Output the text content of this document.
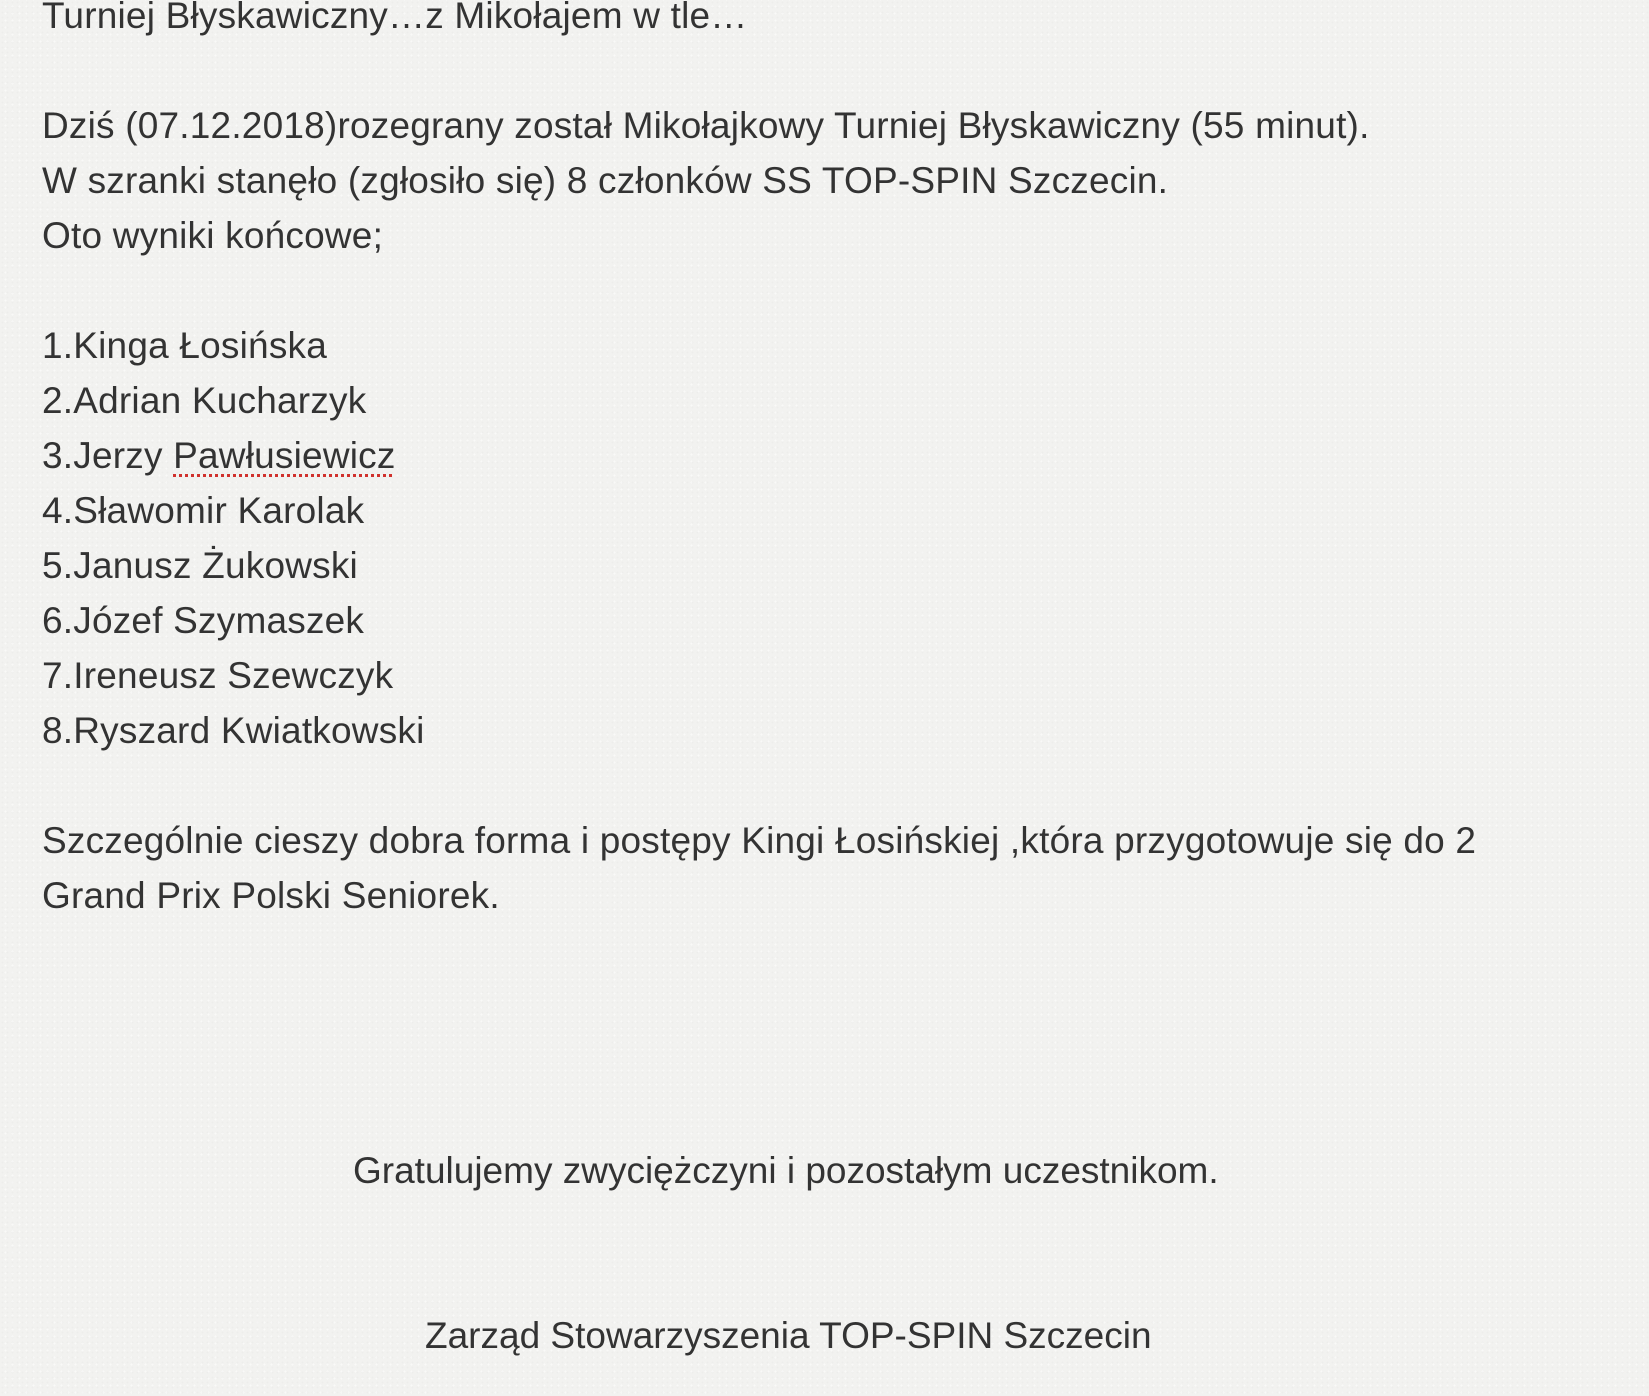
Turniej Błyskawiczny…z Mikołajem w tle…
Dziś (07.12.2018)rozegrany został Mikołajkowy Turniej Błyskawiczny (55 minut).
W szranki stanęło (zgłosiło się) 8 członków SS TOP-SPIN Szczecin.
Oto wyniki końcowe;
1.Kinga Łosińska
2.Adrian Kucharzyk
3.Jerzy Pawłusiewicz
4.Sławomir Karolak
5.Janusz Żukowski
6.Józef Szymaszek
7.Ireneusz Szewczyk
8.Ryszard Kwiatkowski
Szczególnie cieszy dobra forma i postępy Kingi Łosińskiej ,która przygotowuje się do 2
Grand Prix Polski Seniorek.
Gratulujemy zwyciężczyni i pozostałym uczestnikom.
Zarząd Stowarzyszenia TOP-SPIN Szczecin
